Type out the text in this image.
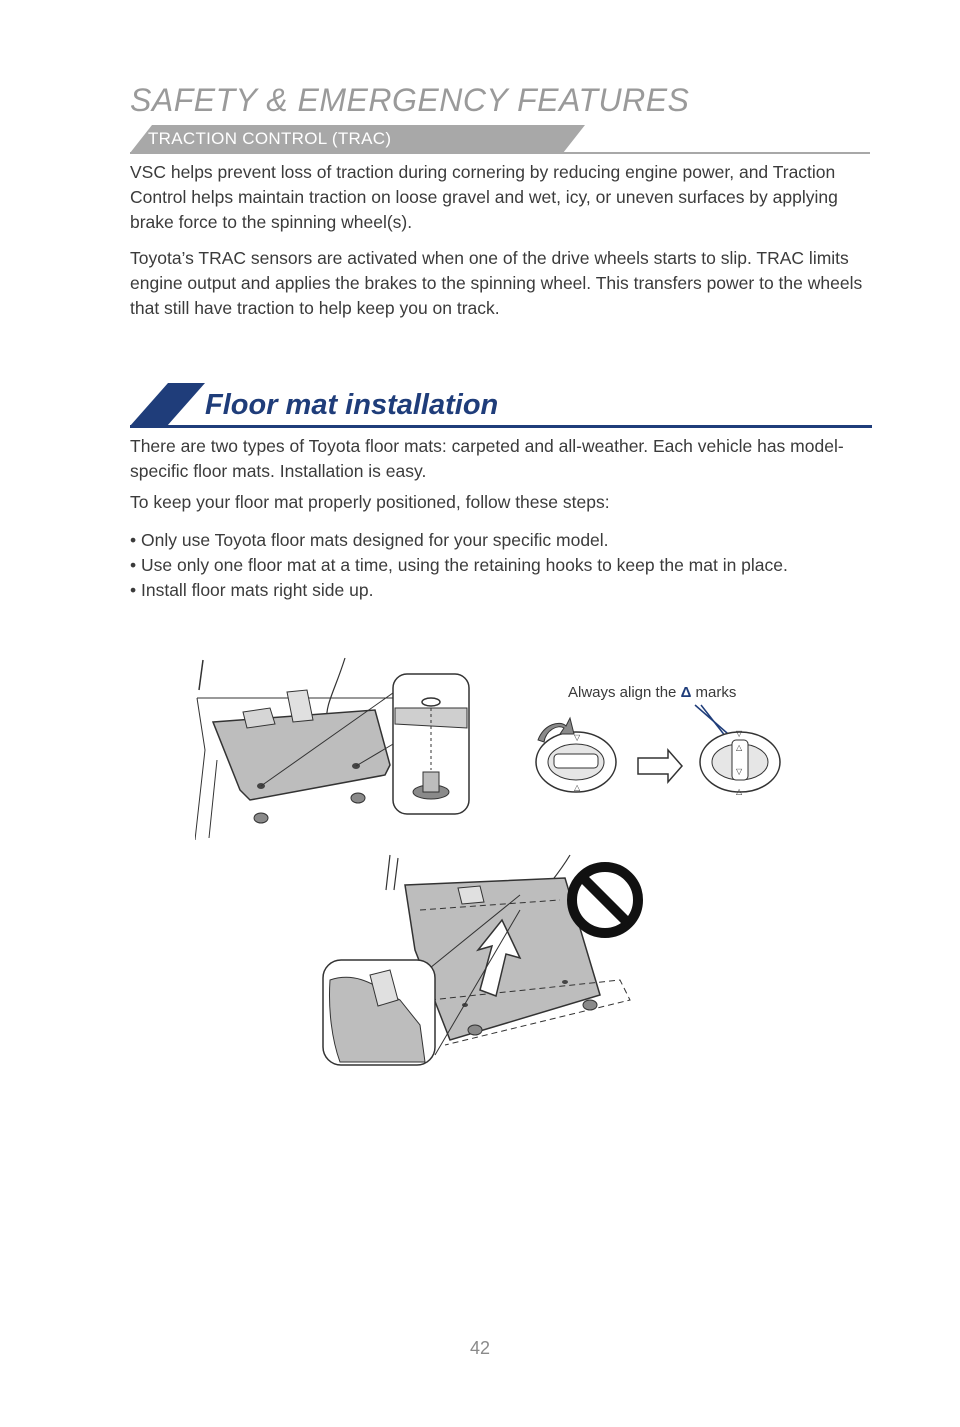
SAFETY & EMERGENCY FEATURES
TRACTION CONTROL (TRAC)

VSC helps prevent loss of traction during cornering by reducing engine power, and Traction Control helps maintain traction on loose gravel and wet, icy, or uneven surfaces by applying brake force to the spinning wheel(s).

Toyota’s TRAC sensors are activated when one of the drive wheels starts to slip. TRAC limits engine output and applies the brakes to the spinning wheel. This transfers power to the wheels that still have traction to help keep you on track.

Floor mat installation

There are two types of Toyota floor mats: carpeted and all-weather. Each vehicle has model-specific floor mats. Installation is easy.

To keep your floor mat properly positioned, follow these steps:

• Only use Toyota floor mats designed for your specific model.
• Use only one floor mat at a time, using the retaining hooks to keep the mat in place.
• Install floor mats right side up.
Always align the Δ marks
▽
△
△
▽
▽
△
42
